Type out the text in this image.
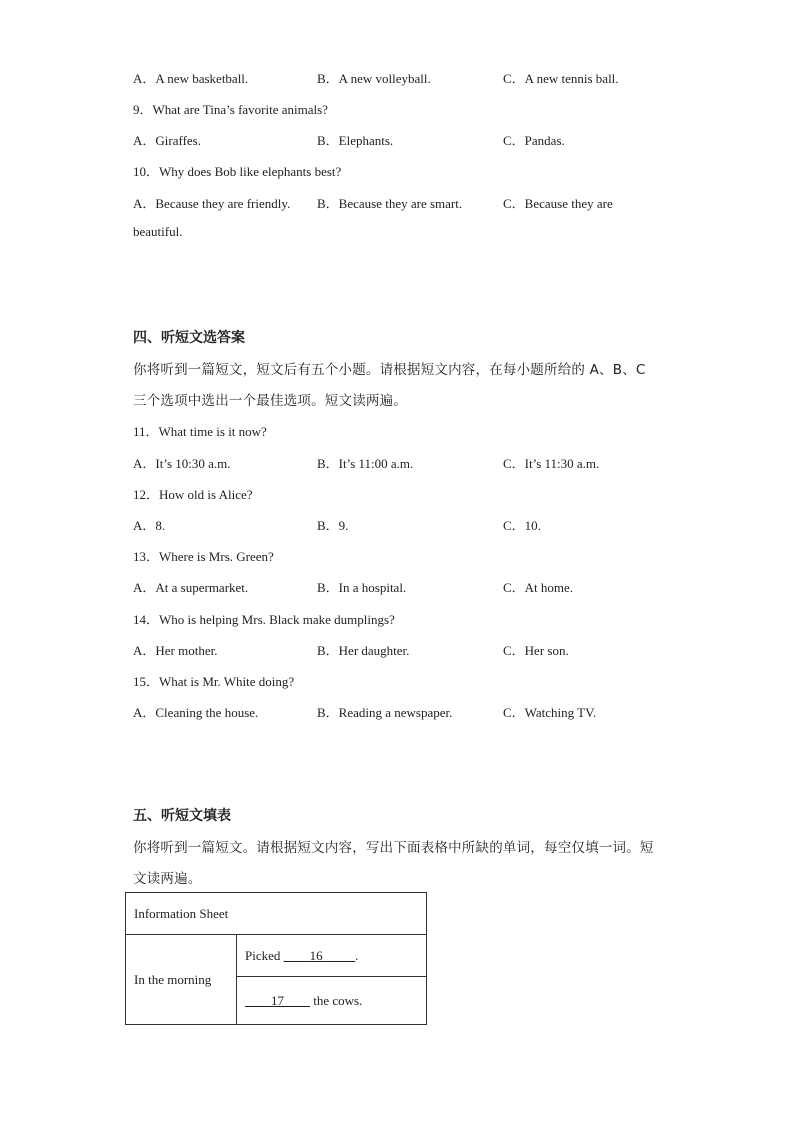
A．A new basketball.	B．A new volleyball.	C．A new tennis ball.
9．What are Tina’s favorite animals?
A．Giraffes.	B．Elephants.	C．Pandas.
10．Why does Bob like elephants best?
A．Because they are friendly. B．Because they are smart.	C．Because they are
beautiful.
四、听短文选答案
你将听到一篇短文，短文后有五个小题。请根据短文内容，在每小题所给的 A、B、C
三个选项中选出一个最佳选项。短文读两遍。
11．What time is it now?
A．It’s 10:30 a.m.	B．It’s 11:00 a.m.	C．It’s 11:30 a.m.
12．How old is Alice?
A．8.	B．9.	C．10.
13．Where is Mrs. Green?
A．At a supermarket.	B．In a hospital.	C．At home.
14．Who is helping Mrs. Black make dumplings?
A．Her mother.	B．Her daughter.	C．Her son.
15．What is Mr. White doing?
A．Cleaning the house.	B．Reading a newspaper.	C．Watching TV.
五、听短文填表
你将听到一篇短文。请根据短文内容，写出下面表格中所缺的单词，每空仅填一词。短
文读两遍。
Information Sheet
In the morning	Picked ____16_____.
____17____ the cows.
